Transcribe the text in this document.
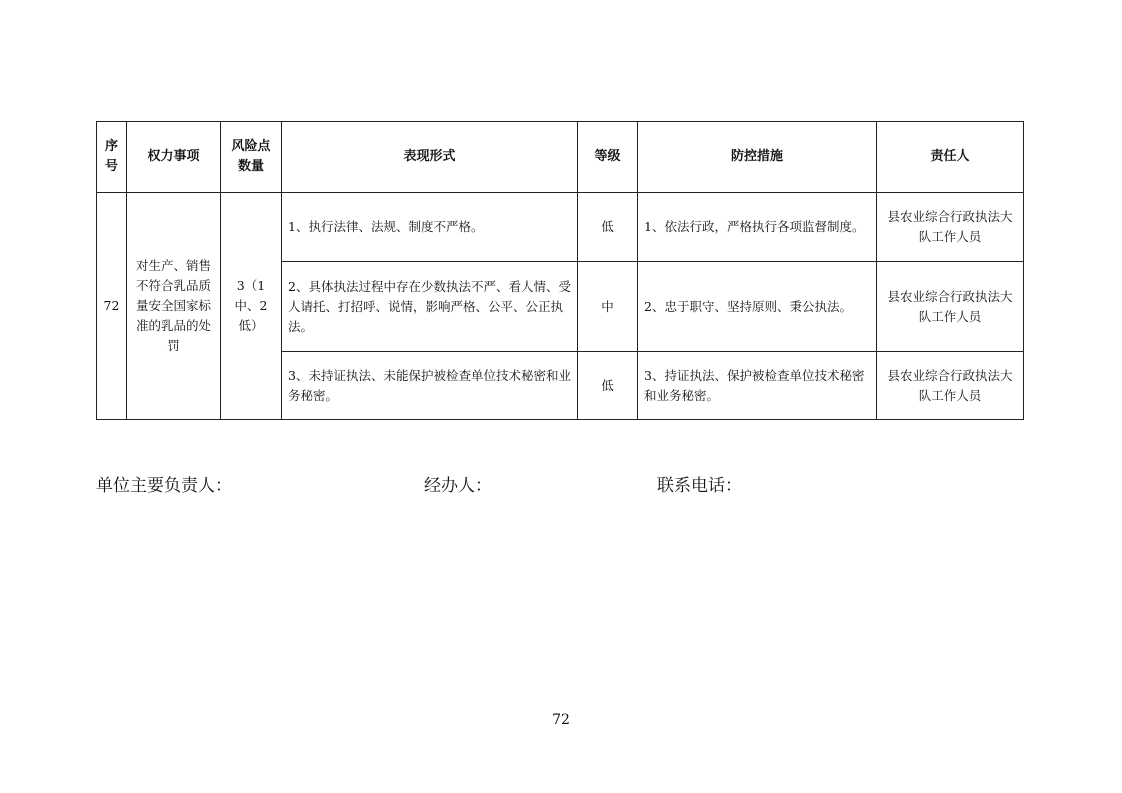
序号	权力事项	风险点数量	表现形式	等级	防控措施	责任人
72	对生产、销售不符合乳品质量安全国家标准的乳品的处罚	3（1中、2低）	1、执行法律、法规、制度不严格。	低	1、依法行政，严格执行各项监督制度。	县农业综合行政执法大队工作人员
			2、具体执法过程中存在少数执法不严、看人情、受人请托、打招呼、说情，影响严格、公平、公正执法。	中	2、忠于职守、坚持原则、秉公执法。	县农业综合行政执法大队工作人员
			3、未持证执法、未能保护被检查单位技术秘密和业务秘密。	低	3、持证执法、保护被检查单位技术秘密和业务秘密。	县农业综合行政执法大队工作人员
单位主要负责人：	经办人：	联系电话：
72
